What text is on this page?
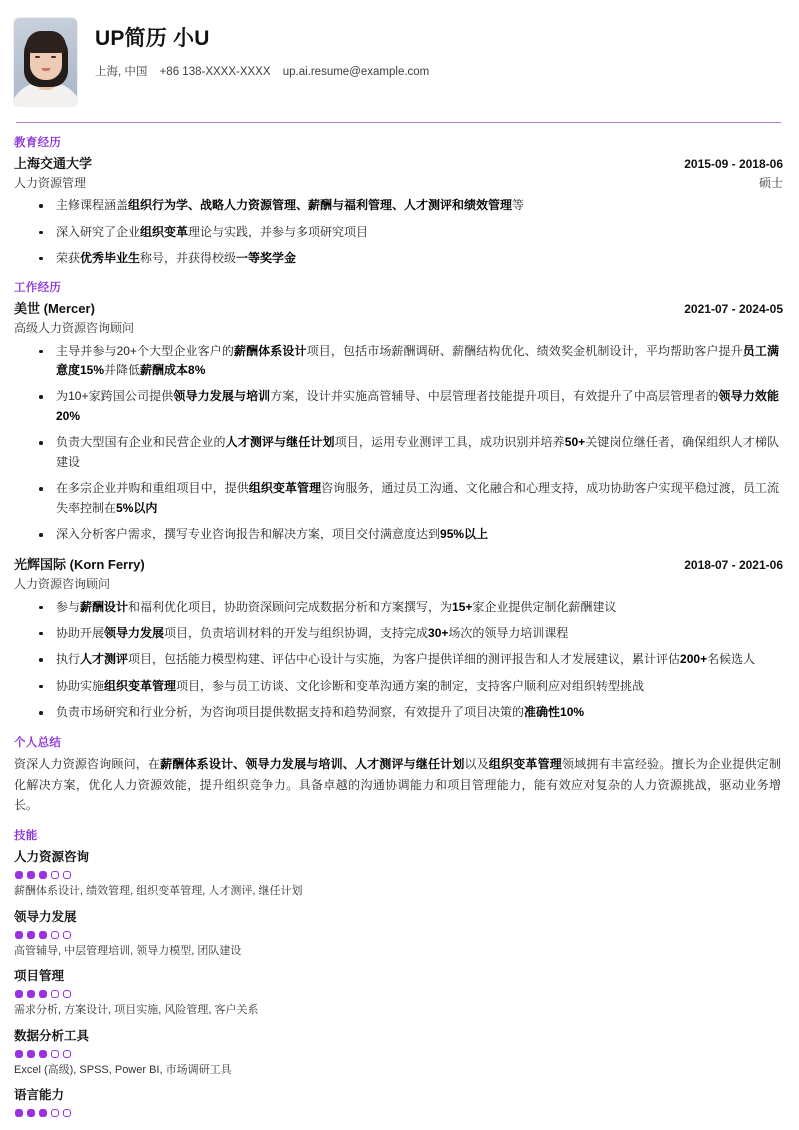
UP简历 小U
上海, 中国 +86 138-XXXX-XXXX up.ai.resume@example.com
教育经历
上海交通大学	2015-09 - 2018-06
人力资源管理	硕士
主修课程涵盖组织行为学、战略人力资源管理、薪酬与福利管理、人才测评和绩效管理等
深入研究了企业组织变革理论与实践，并参与多项研究项目
荣获优秀毕业生称号，并获得校级一等奖学金
工作经历
美世 (Mercer)	2021-07 - 2024-05
高级人力资源咨询顾问
主导并参与20+个大型企业客户的薪酬体系设计项目，包括市场薪酬调研、薪酬结构优化、绩效奖金机制设计，平均帮助客户提升员工满意度15%并降低薪酬成本8%
为10+家跨国公司提供领导力发展与培训方案，设计并实施高管辅导、中层管理者技能提升项目，有效提升了中高层管理者的领导力效能20%
负责大型国有企业和民营企业的人才测评与继任计划项目，运用专业测评工具，成功识别并培养50+关键岗位继任者，确保组织人才梯队建设
在多宗企业并购和重组项目中，提供组织变革管理咨询服务，通过员工沟通、文化融合和心理支持，成功协助客户实现平稳过渡，员工流失率控制在5%以内
深入分析客户需求，撰写专业咨询报告和解决方案，项目交付满意度达到95%以上
光辉国际 (Korn Ferry)	2018-07 - 2021-06
人力资源咨询顾问
参与薪酬设计和福利优化项目，协助资深顾问完成数据分析和方案撰写，为15+家企业提供定制化薪酬建议
协助开展领导力发展项目，负责培训材料的开发与组织协调，支持完成30+场次的领导力培训课程
执行人才测评项目，包括能力模型构建、评估中心设计与实施，为客户提供详细的测评报告和人才发展建议，累计评估200+名候选人
协助实施组织变革管理项目，参与员工访谈、文化诊断和变革沟通方案的制定，支持客户顺利应对组织转型挑战
负责市场研究和行业分析，为咨询项目提供数据支持和趋势洞察，有效提升了项目决策的准确性10%
个人总结
资深人力资源咨询顾问，在薪酬体系设计、领导力发展与培训、人才测评与继任计划以及组织变革管理领域拥有丰富经验。擅长为企业提供定制化解决方案，优化人力资源效能，提升组织竞争力。具备卓越的沟通协调能力和项目管理能力，能有效应对复杂的人力资源挑战，驱动业务增长。
技能
人力资源咨询
薪酬体系设计, 绩效管理, 组织变革管理, 人才测评, 继任计划
领导力发展
高管辅导, 中层管理培训, 领导力模型, 团队建设
项目管理
需求分析, 方案设计, 项目实施, 风险管理, 客户关系
数据分析工具
Excel (高级), SPSS, Power BI, 市场调研工具
语言能力
